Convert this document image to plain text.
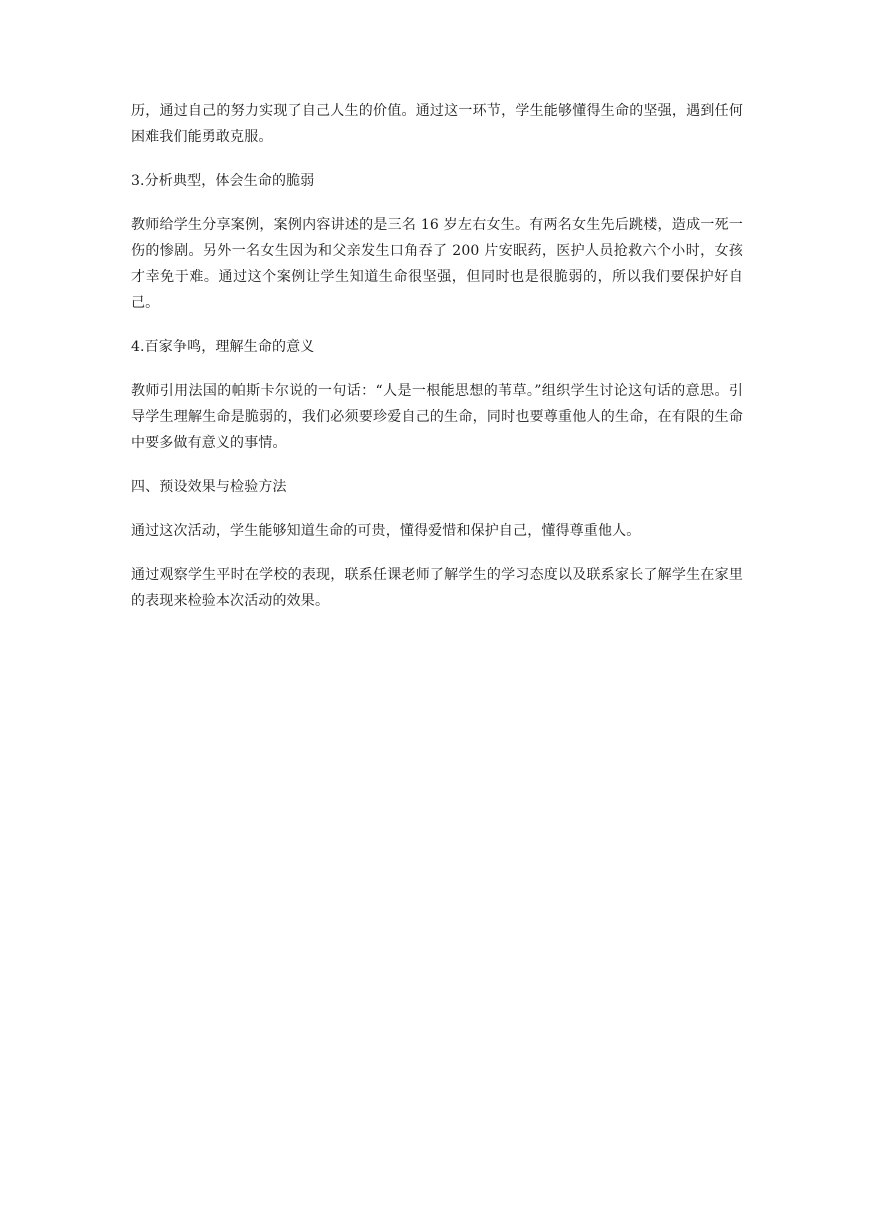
历，通过自己的努力实现了自己人生的价值。通过这一环节，学生能够懂得生命的坚强，遇到任何困难我们能勇敢克服。

3.分析典型，体会生命的脆弱

教师给学生分享案例，案例内容讲述的是三名 16 岁左右女生。有两名女生先后跳楼，造成一死一伤的惨剧。另外一名女生因为和父亲发生口角吞了 200 片安眠药，医护人员抢救六个小时，女孩才幸免于难。通过这个案例让学生知道生命很坚强，但同时也是很脆弱的，所以我们要保护好自己。

4.百家争鸣，理解生命的意义

教师引用法国的帕斯卡尔说的一句话：“人是一根能思想的苇草。”组织学生讨论这句话的意思。引导学生理解生命是脆弱的，我们必须要珍爱自己的生命，同时也要尊重他人的生命，在有限的生命中要多做有意义的事情。

四、预设效果与检验方法

通过这次活动，学生能够知道生命的可贵，懂得爱惜和保护自己，懂得尊重他人。

通过观察学生平时在学校的表现，联系任课老师了解学生的学习态度以及联系家长了解学生在家里的表现来检验本次活动的效果。
